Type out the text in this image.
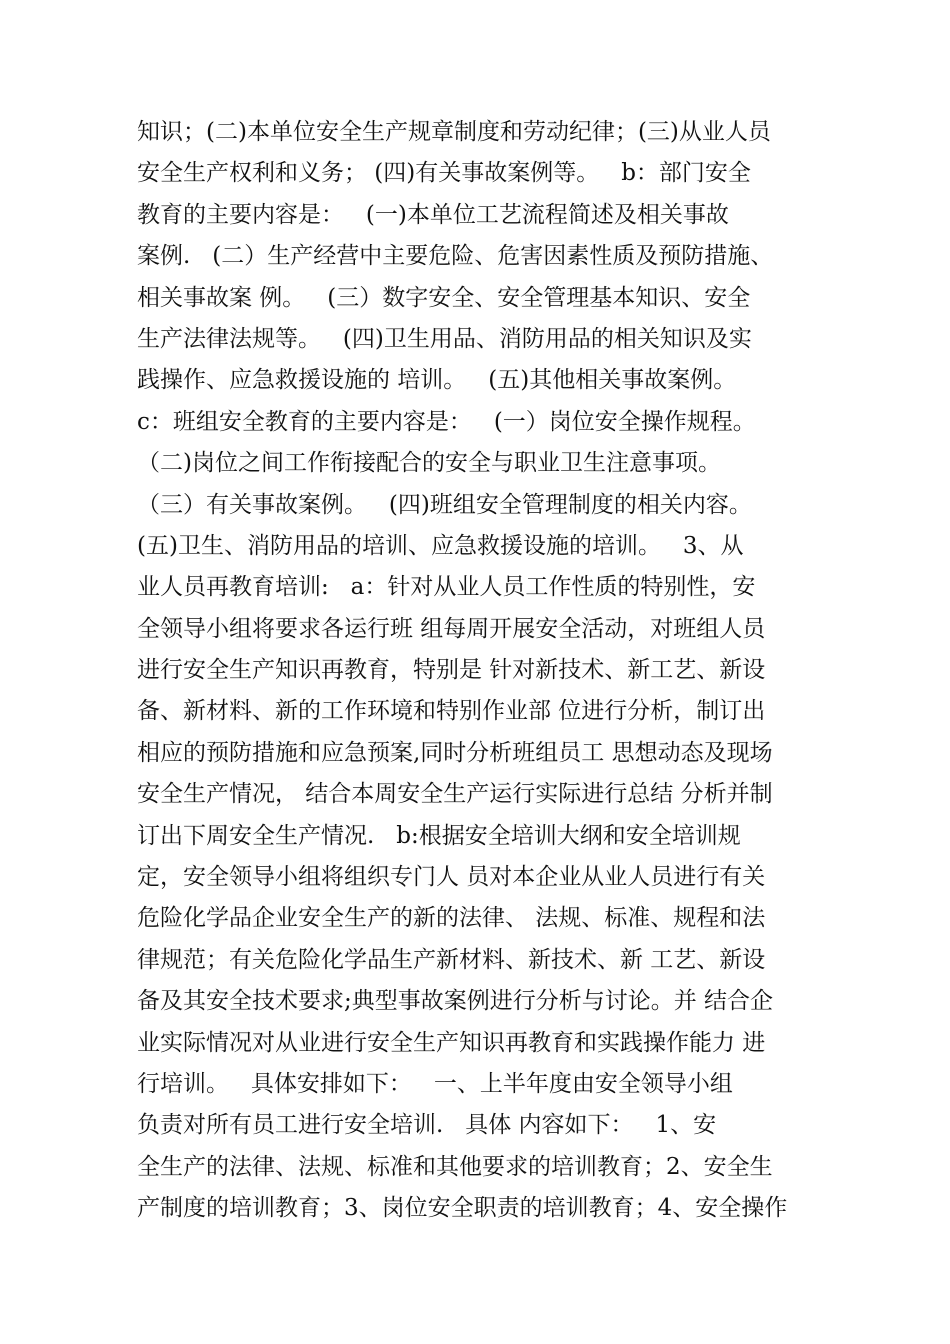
知识；(二)本单位安全生产规章制度和劳动纪律；(三)从业人员
安全生产权利和义务； (四)有关事故案例等。   b：部门安全
教育的主要内容是：   (一)本单位工艺流程简述及相关事故
案例.   (二）生产经营中主要危险、危害因素性质及预防措施、
相关事故案 例。   (三）数字安全、安全管理基本知识、安全
生产法律法规等。   (四)卫生用品、消防用品的相关知识及实
践操作、应急救援设施的 培训。   (五)其他相关事故案例。
c：班组安全教育的主要内容是：   (一）岗位安全操作规程。
（二)岗位之间工作衔接配合的安全与职业卫生注意事项。
（三）有关事故案例。   (四)班组安全管理制度的相关内容。
(五)卫生、消防用品的培训、应急救援设施的培训。   3、从
业人员再教育培训:   a：针对从业人员工作性质的特别性，安
全领导小组将要求各运行班 组每周开展安全活动，对班组人员
进行安全生产知识再教育，特别是 针对新技术、新工艺、新设
备、新材料、新的工作环境和特别作业部 位进行分析，制订出
相应的预防措施和应急预案,同时分析班组员工 思想动态及现场
安全生产情况， 结合本周安全生产运行实际进行总结 分析并制
订出下周安全生产情况.   b:根据安全培训大纲和安全培训规
定，安全领导小组将组织专门人 员对本企业从业人员进行有关
危险化学品企业安全生产的新的法律、 法规、标准、规程和法
律规范；有关危险化学品生产新材料、新技术、新 工艺、新设
备及其安全技术要求;典型事故案例进行分析与讨论。并 结合企
业实际情况对从业进行安全生产知识再教育和实践操作能力 进
行培训。   具体安排如下：   一、上半年度由安全领导小组
负责对所有员工进行安全培训.   具体 内容如下：   1、安
全生产的法律、法规、标准和其他要求的培训教育；2、安全生
产制度的培训教育；3、岗位安全职责的培训教育；4、安全操作
